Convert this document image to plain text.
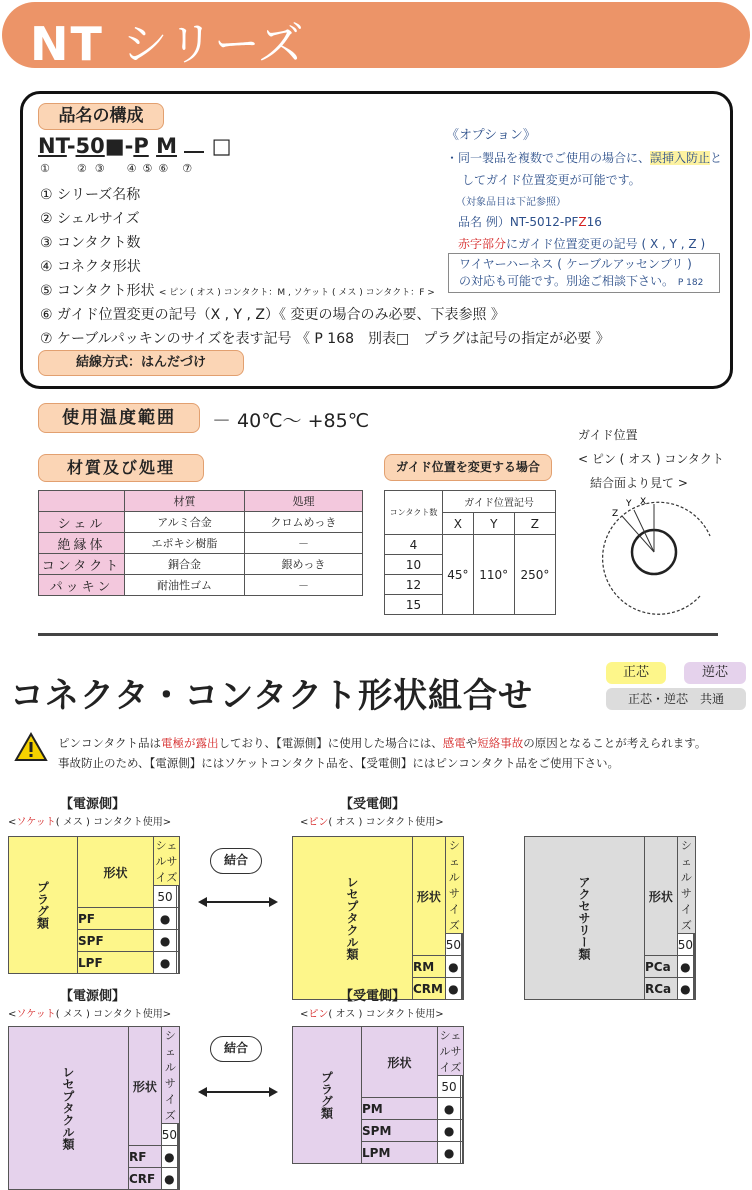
NT シリーズ
品名の構成
NT-50■-P M □
① ② ③ ④ ⑤ ⑥ ⑦
① シリーズ名称
② シェルサイズ
③ コンタクト数
④ コネクタ形状
⑤ コンタクト形状 < ピン ( オス ) コンタクト：M , ソケット ( メス ) コンタクト：F >
⑥ ガイド位置変更の記号（X , Y , Z）《 変更の場合のみ必要、下表参照 》
⑦ ケーブルパッキンのサイズを表す記号 《 P 168　別表□　プラグは記号の指定が必要 》
結線方式：はんだづけ
《オプション》
・同一製品を複数でご使用の場合に、誤挿入防止と
してガイド位置変更が可能です。
（対象品目は下記参照）
品名 例）NT-5012-PFZ16
赤字部分にガイド位置変更の記号 ( X , Y , Z )
ワイヤーハーネス ( ケーブルアッセンブリ )
の対応も可能です。別途ご相談下さい。 P 182
使用温度範囲	－ 40℃～ +85℃
材質及び処理
	材質	処理
シェル	アルミ合金	クロムめっき
絶縁体	エポキシ樹脂	－
コンタクト	銅合金	銀めっき
パッキン	耐油性ゴム	－
ガイド位置を変更する場合
コンタクト数	ガイド位置記号		
	X	Y	Z
4	45°	110°	250°
10			
12			
15			
ガイド位置
< ピン ( オス ) コンタクト
結合面より見て >
Z
Y X
コネクタ・コンタクト形状組合せ
正芯	逆芯
正芯・逆芯　共通
ピンコンタクト品は電極が露出しており、【電源側】に使用した場合には、感電や短絡事故の原因となることが考えられます。
事故防止のため、【電源側】にはソケットコンタクト品を、【受電側】にはピンコンタクト品をご使用下さい。
【電源側】
<ソケット( メス ) コンタクト使用>
【受電側】
<ピン( オス ) コンタクト使用>
プラグ類	形状	シェルサイズ		
		50		
	PF	●		
	SPF	●		
	LPF	●		
結合
レセプタクル類	形状	シェルサイズ	
		50		
	RM	●		
	CRM	●		
アクセサリー類	形状	シェルサイズ	
		50		
	PCa	●		
	RCa	●		
【電源側】
<ソケット( メス ) コンタクト使用>
【受電側】
<ピン( オス ) コンタクト使用>
レセプタクル類	形状	シェルサイズ	
		50		
	RF	●		
	CRF	●		
結合
プラグ類	形状	シェルサイズ		
		50		
	PM	●		
	SPM	●		
	LPM	●		
